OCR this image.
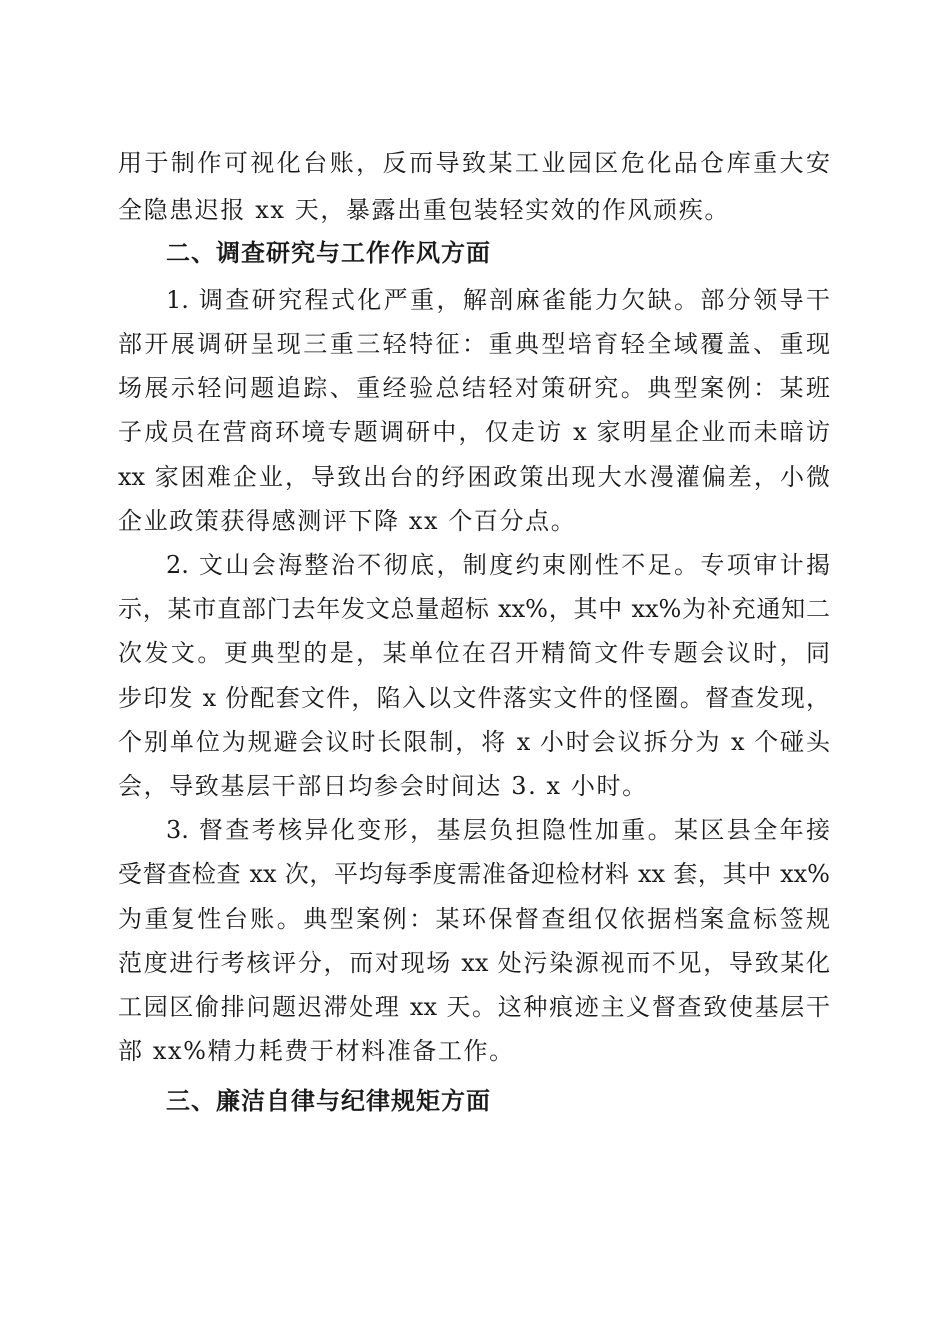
用于制作可视化台账，反而导致某工业园区危化品仓库重大安
全隐患迟报 xx 天，暴露出重包装轻实效的作风顽疾。
二、调查研究与工作作风方面
1. 调查研究程式化严重，解剖麻雀能力欠缺。部分领导干
部开展调研呈现三重三轻特征：重典型培育轻全域覆盖、重现
场展示轻问题追踪、重经验总结轻对策研究。典型案例：某班
子成员在营商环境专题调研中，仅走访 x 家明星企业而未暗访
xx 家困难企业，导致出台的纾困政策出现大水漫灌偏差，小微
企业政策获得感测评下降 xx 个百分点。
2. 文山会海整治不彻底，制度约束刚性不足。专项审计揭
示，某市直部门去年发文总量超标 xx%，其中 xx%为补充通知二
次发文。更典型的是，某单位在召开精简文件专题会议时，同
步印发 x 份配套文件，陷入以文件落实文件的怪圈。督查发现，
个别单位为规避会议时长限制，将 x 小时会议拆分为 x 个碰头
会，导致基层干部日均参会时间达 3. x 小时。
3. 督查考核异化变形，基层负担隐性加重。某区县全年接
受督查检查 xx 次，平均每季度需准备迎检材料 xx 套，其中 xx%
为重复性台账。典型案例：某环保督查组仅依据档案盒标签规
范度进行考核评分，而对现场 xx 处污染源视而不见，导致某化
工园区偷排问题迟滞处理 xx 天。这种痕迹主义督查致使基层干
部 xx%精力耗费于材料准备工作。
三、廉洁自律与纪律规矩方面
